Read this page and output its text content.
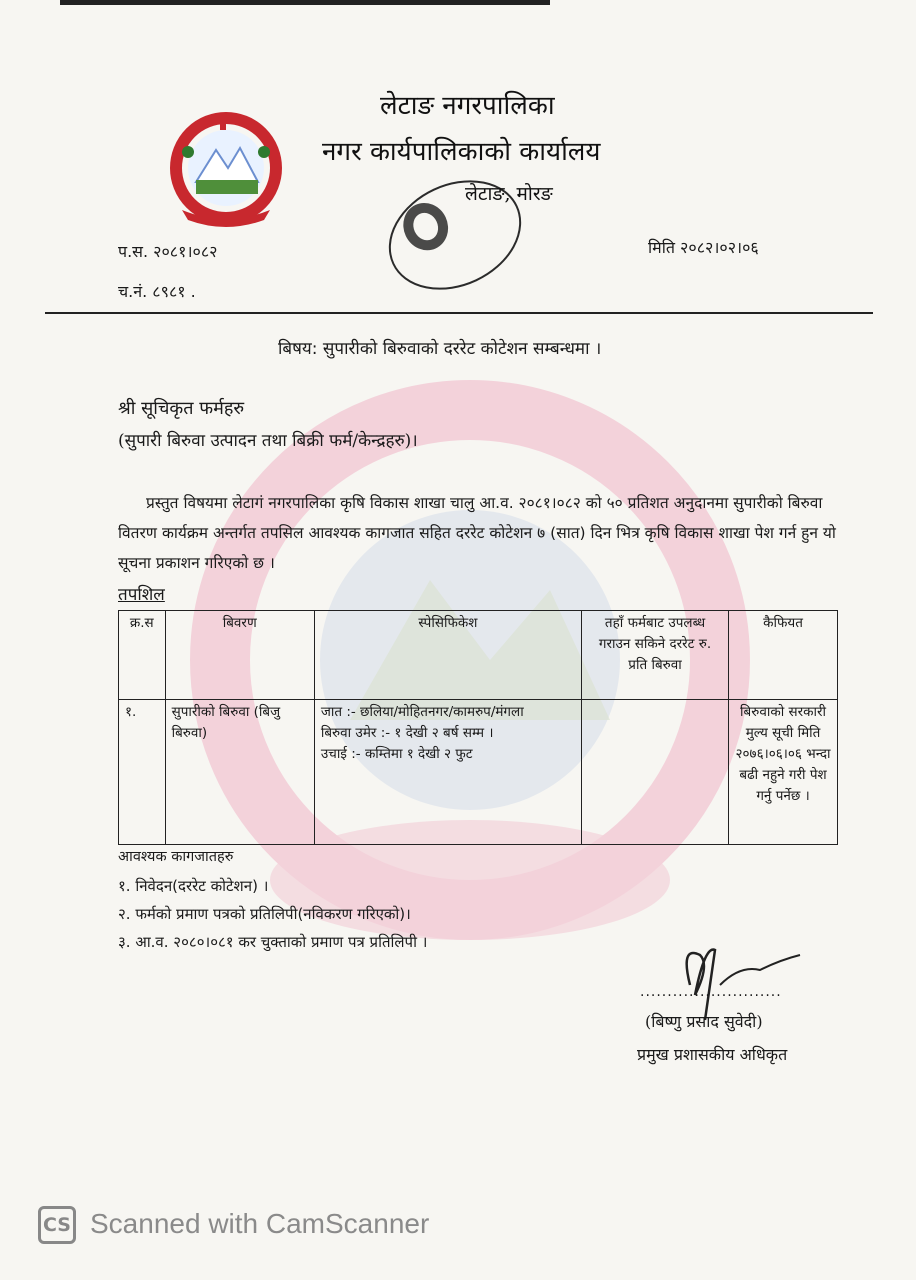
लेटाङ नगरपालिका
नगर कार्यपालिकाको कार्यालय
लेटाङ, मोरङ
प.स. २०८१।०८२
च.नं. ८९८१ .
मिति २०८२।०२।०६
बिषय: सुपारीको बिरुवाको दररेट कोटेशन सम्बन्धमा ।
श्री सूचिकृत फर्महरु
(सुपारी बिरुवा उत्पादन तथा बिक्री फर्म/केन्द्रहरु)।

प्रस्तुत विषयमा लेटागं नगरपालिका कृषि विकास शाखा चालु आ.व. २०८१।०८२ को ५० प्रतिशत अनुदानमा सुपारीको बिरुवा वितरण कार्यक्रम अन्तर्गत तपसिल आवश्यक कागजात सहित दररेट कोटेशन ७ (सात) दिन भित्र कृषि विकास शाखा पेश गर्न हुन यो सूचना प्रकाशन गरिएको छ ।

तपशिल
क्र.स	बिवरण	स्पेसिफिकेश	तहाँ फर्मबाट उपलब्ध गराउन सकिने दररेट रु. प्रति बिरुवा	कैफियत
१.	सुपारीको बिरुवा (बिजु बिरुवा)	जात :- छलिया/मोहितनगर/कामरुप/मंगला
बिरुवा उमेर :- १ देखी २ बर्ष सम्म ।
उचाई :- कम्तिमा १ देखी २ फुट		बिरुवाको सरकारी मुल्य सूची मिति २०७६।०६।०६ भन्दा बढी नहुने गरी पेश गर्नु पर्नेछ ।
आवश्यक कागजातहरु
१. निवेदन(दररेट कोटेशन) ।
२. फर्मको प्रमाण पत्रको प्रतिलिपी(नविकरण गरिएको)।
३. आ.व. २०८०।०८१ कर चुक्ताको प्रमाण पत्र प्रतिलिपी ।
..........................
(बिष्णु प्रसाद सुवेदी)
प्रमुख प्रशासकीय अधिकृत
CS Scanned with CamScanner
